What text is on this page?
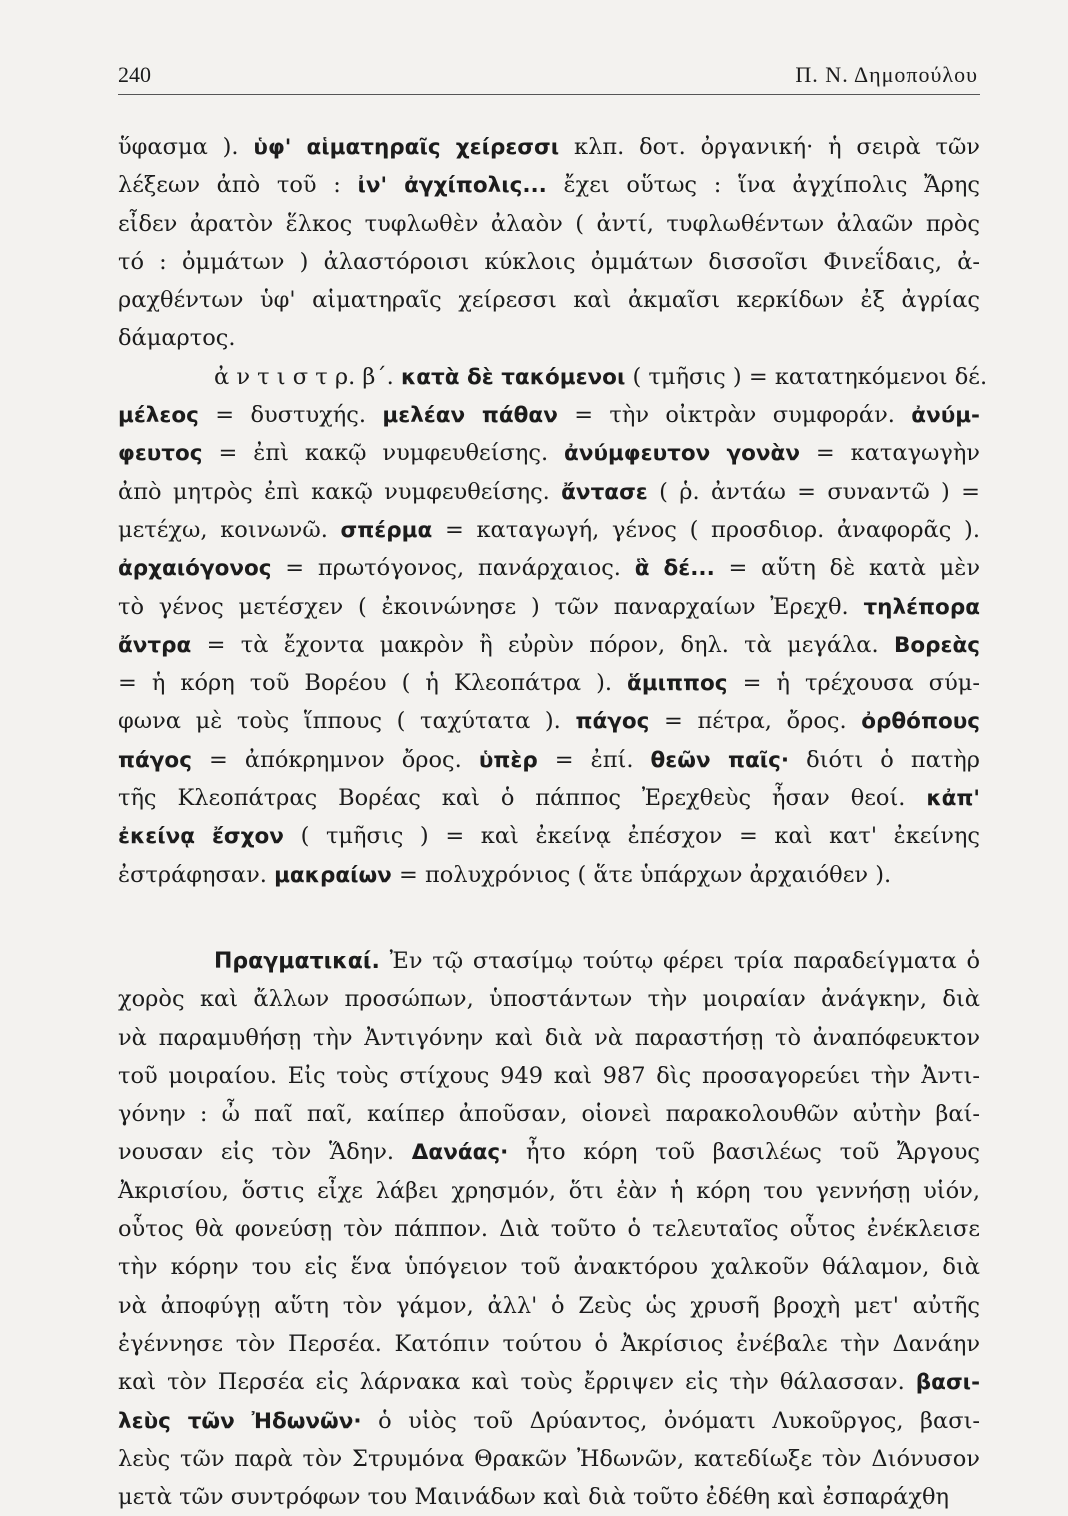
240	Π. Ν. Δημοπούλου
ὕφασμα ). ὑφ' αἱματηραῖς χείρεσσι κλπ. δοτ. ὀργανική· ἡ σειρὰ τῶν
λέξεων ἀπὸ τοῦ : ἰν' ἀγχίπολις... ἔχει οὕτως : ἵνα ἀγχίπολις Ἄρης
εἶδεν ἀρατὸν ἕλκος τυφλωθὲν ἀλαὸν ( ἀντί, τυφλωθέντων ἀλαῶν πρὸς
τό : ὀμμάτων ) ἀλαστόροισι κύκλοις ὀμμάτων δισσοῖσι Φινεΐδαις, ἀ-
ραχθέντων ὑφ' αἱματηραῖς χείρεσσι καὶ ἀκμαῖσι κερκίδων ἐξ ἀγρίας
δάμαρτος.
ἀ ν τ ι σ τ ρ. β΄. κατὰ δὲ τακόμενοι ( τμῆσις ) = κατατηκόμενοι δέ.
μέλεος = δυστυχής. μελέαν πάθαν = τὴν οἰκτρὰν συμφοράν. ἀνύμ-
φευτος = ἐπὶ κακῷ νυμφευθείσης. ἀνύμφευτον γονὰν = καταγωγὴν
ἀπὸ μητρὸς ἐπὶ κακῷ νυμφευθείσης. ἄντασε ( ῥ. ἀντάω = συναντῶ ) =
μετέχω, κοινωνῶ. σπέρμα = καταγωγή, γένος ( προσδιορ. ἀναφορᾶς ).
ἀρχαιόγονος = πρωτόγονος, πανάρχαιος. ἃ δέ... = αὕτη δὲ κατὰ μὲν
τὸ γένος μετέσχεν ( ἐκοινώνησε ) τῶν παναρχαίων Ἐρεχθ. τηλέπορα
ἄντρα = τὰ ἔχοντα μακρὸν ἢ εὐρὺν πόρον, δηλ. τὰ μεγάλα. Βορεὰς
= ἡ κόρη τοῦ Βορέου ( ἡ Κλεοπάτρα ). ἅμιππος = ἡ τρέχουσα σύμ-
φωνα μὲ τοὺς ἵππους ( ταχύτατα ). πάγος = πέτρα, ὄρος. ὀρθόπους
πάγος = ἀπόκρημνον ὄρος. ὑπὲρ = ἐπί. θεῶν παῖς· διότι ὁ πατὴρ
τῆς Κλεοπάτρας Βορέας καὶ ὁ πάππος Ἐρεχθεὺς ἦσαν θεοί. κἀπ'
ἐκείνᾳ ἔσχον ( τμῆσις ) = καὶ ἐκείνᾳ ἐπέσχον = καὶ κατ' ἐκείνης
ἐστράφησαν. μακραίων = πολυχρόνιος ( ἅτε ὑπάρχων ἀρχαιόθεν ).
Πραγματικαί. Ἐν τῷ στασίμῳ τούτῳ φέρει τρία παραδείγματα ὁ
χορὸς καὶ ἄλλων προσώπων, ὑποστάντων τὴν μοιραίαν ἀνάγκην, διὰ
νὰ παραμυθήσῃ τὴν Ἀντιγόνην καὶ διὰ νὰ παραστήσῃ τὸ ἀναπόφευκτον
τοῦ μοιραίου. Εἰς τοὺς στίχους 949 καὶ 987 δὶς προσαγορεύει τὴν Ἀντι-
γόνην : ὦ παῖ παῖ, καίπερ ἀποῦσαν, οἱονεὶ παρακολουθῶν αὐτὴν βαί-
νουσαν εἰς τὸν Ἅδην. Δανάας· ἦτο κόρη τοῦ βασιλέως τοῦ Ἄργους
Ἀκρισίου, ὅστις εἶχε λάβει χρησμόν, ὅτι ἐὰν ἡ κόρη του γεννήσῃ υἱόν,
οὗτος θὰ φονεύσῃ τὸν πάππον. Διὰ τοῦτο ὁ τελευταῖος οὗτος ἐνέκλεισε
τὴν κόρην του εἰς ἕνα ὑπόγειον τοῦ ἀνακτόρου χαλκοῦν θάλαμον, διὰ
νὰ ἀποφύγῃ αὕτη τὸν γάμον, ἀλλ' ὁ Ζεὺς ὡς χρυσῆ βροχὴ μετ' αὐτῆς
ἐγέννησε τὸν Περσέα. Κατόπιν τούτου ὁ Ἀκρίσιος ἐνέβαλε τὴν Δανάην
καὶ τὸν Περσέα εἰς λάρνακα καὶ τοὺς ἔρριψεν εἰς τὴν θάλασσαν. βασι-
λεὺς τῶν Ἠδωνῶν· ὁ υἱὸς τοῦ Δρύαντος, ὀνόματι Λυκοῦργος, βασι-
λεὺς τῶν παρὰ τὸν Στρυμόνα Θρακῶν Ἠδωνῶν, κατεδίωξε τὸν Διόνυσον
μετὰ τῶν συντρόφων του Μαινάδων καὶ διὰ τοῦτο ἐδέθη καὶ ἐσπαράχθη
